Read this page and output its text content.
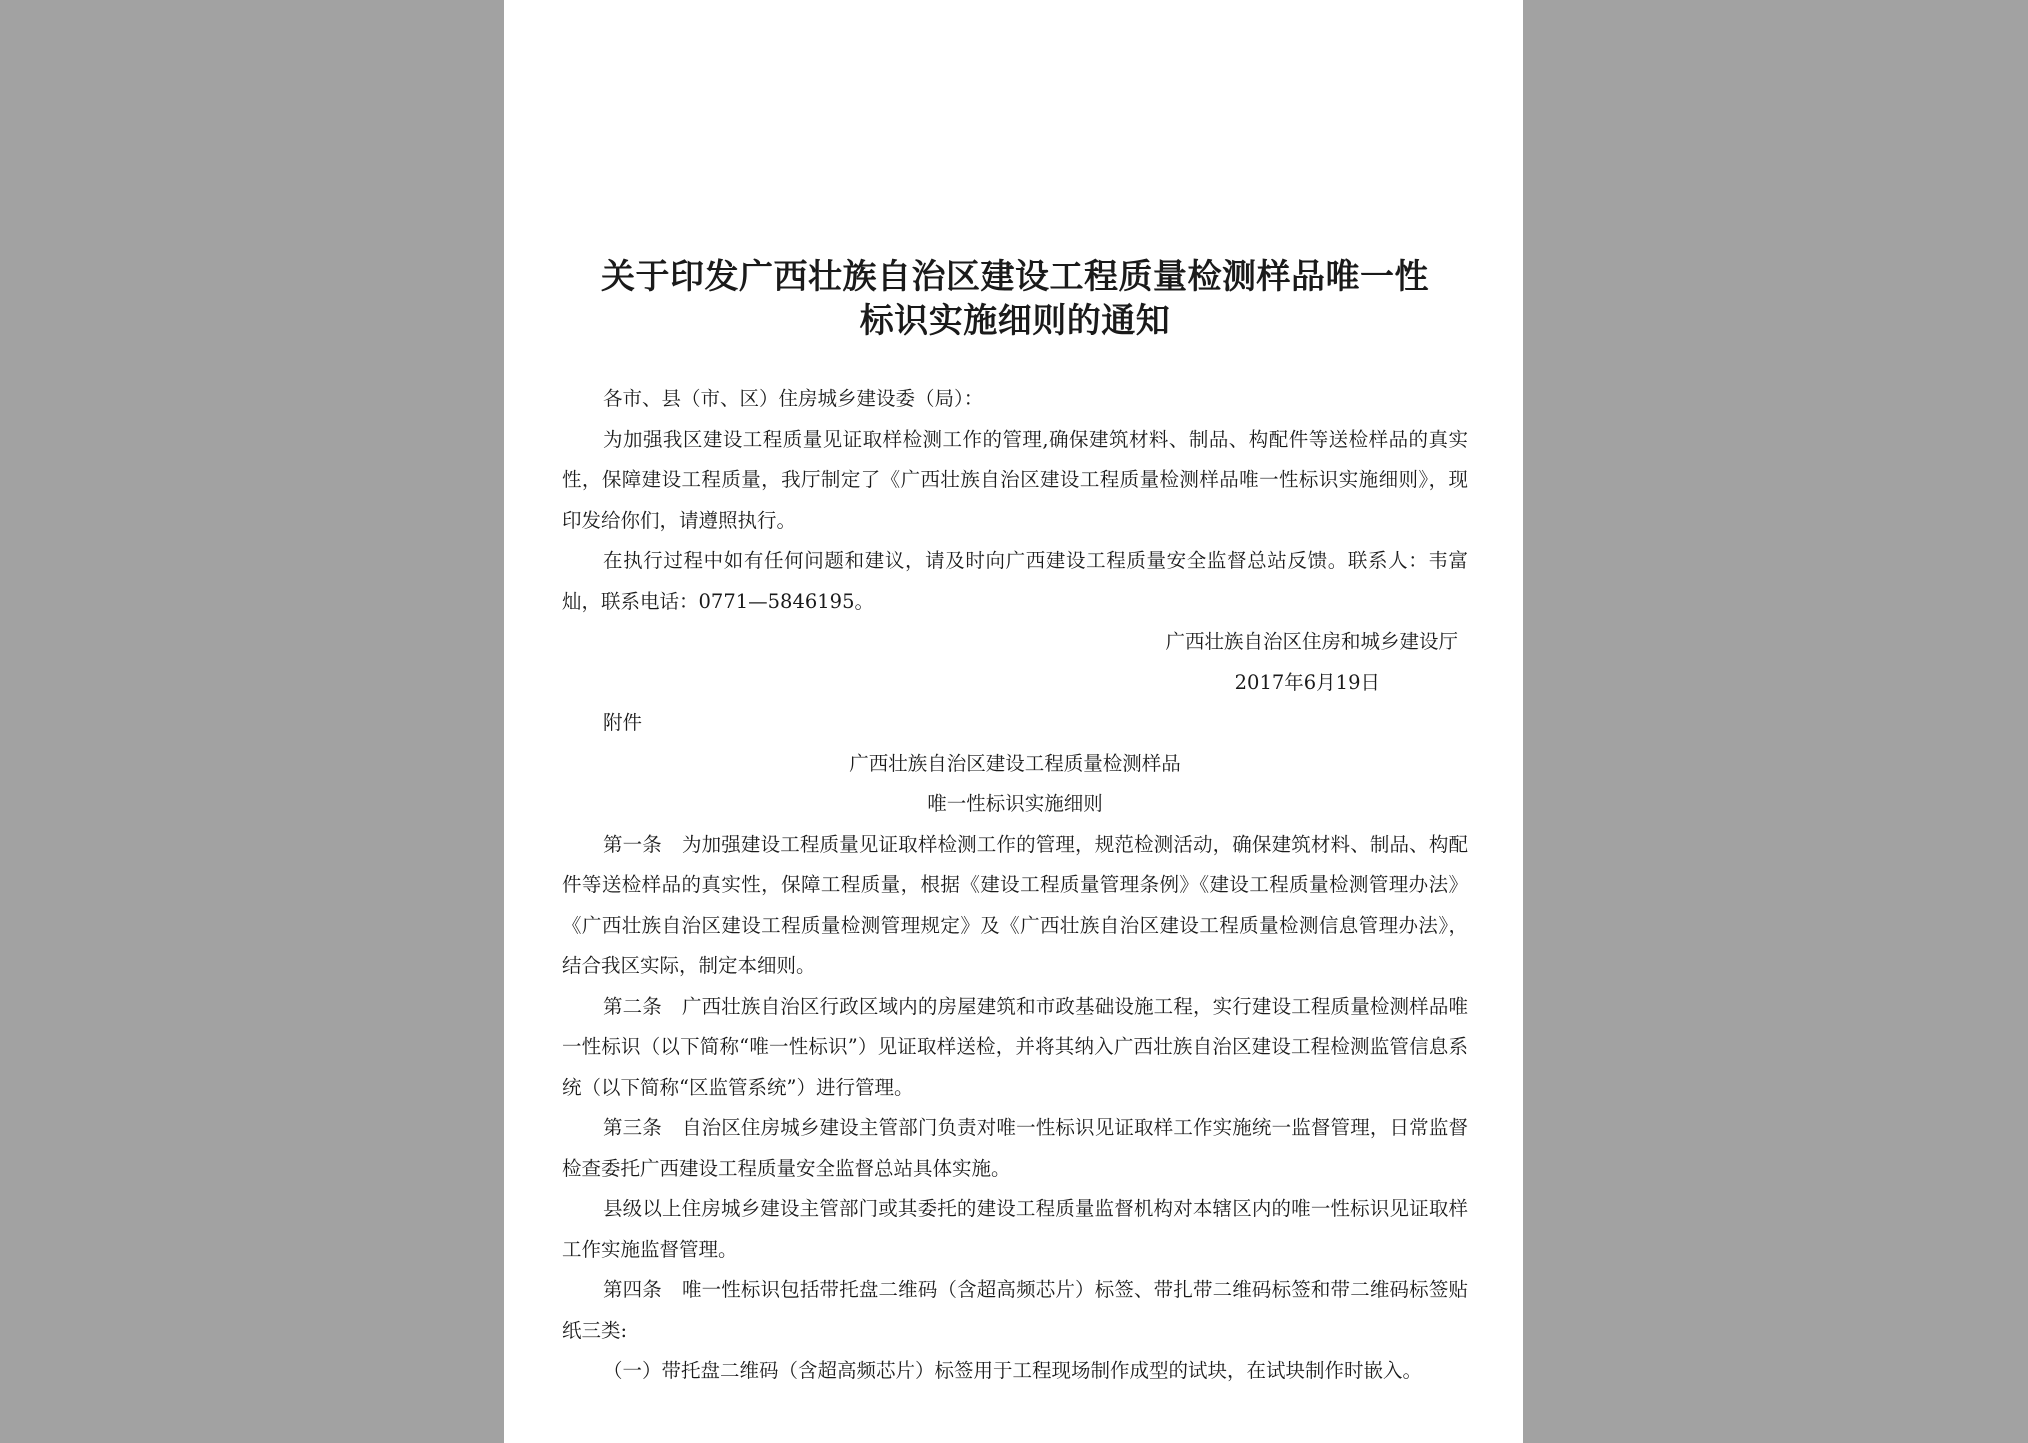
关于印发广西壮族自治区建设工程质量检测样品唯一性
标识实施细则的通知

各市、县（市、区）住房城乡建设委（局）：

为加强我区建设工程质量见证取样检测工作的管理,确保建筑材料、制品、构配件等送检样品的真实性，保障建设工程质量，我厅制定了《广西壮族自治区建设工程质量检测样品唯一性标识实施细则》，现印发给你们，请遵照执行。

在执行过程中如有任何问题和建议，请及时向广西建设工程质量安全监督总站反馈。联系人：韦富灿，联系电话：0771—5846195。

广西壮族自治区住房和城乡建设厅

2017年6月19日

附件

广西壮族自治区建设工程质量检测样品

唯一性标识实施细则

第一条 为加强建设工程质量见证取样检测工作的管理，规范检测活动，确保建筑材料、制品、构配件等送检样品的真实性，保障工程质量，根据《建设工程质量管理条例》《建设工程质量检测管理办法》《广西壮族自治区建设工程质量检测管理规定》及《广西壮族自治区建设工程质量检测信息管理办法》，结合我区实际，制定本细则。

第二条 广西壮族自治区行政区域内的房屋建筑和市政基础设施工程，实行建设工程质量检测样品唯一性标识（以下简称“唯一性标识”）见证取样送检，并将其纳入广西壮族自治区建设工程检测监管信息系统（以下简称“区监管系统”）进行管理。

第三条 自治区住房城乡建设主管部门负责对唯一性标识见证取样工作实施统一监督管理，日常监督检查委托广西建设工程质量安全监督总站具体实施。

县级以上住房城乡建设主管部门或其委托的建设工程质量监督机构对本辖区内的唯一性标识见证取样工作实施监督管理。

第四条 唯一性标识包括带托盘二维码（含超高频芯片）标签、带扎带二维码标签和带二维码标签贴纸三类:

（一）带托盘二维码（含超高频芯片）标签用于工程现场制作成型的试块，在试块制作时嵌入。
